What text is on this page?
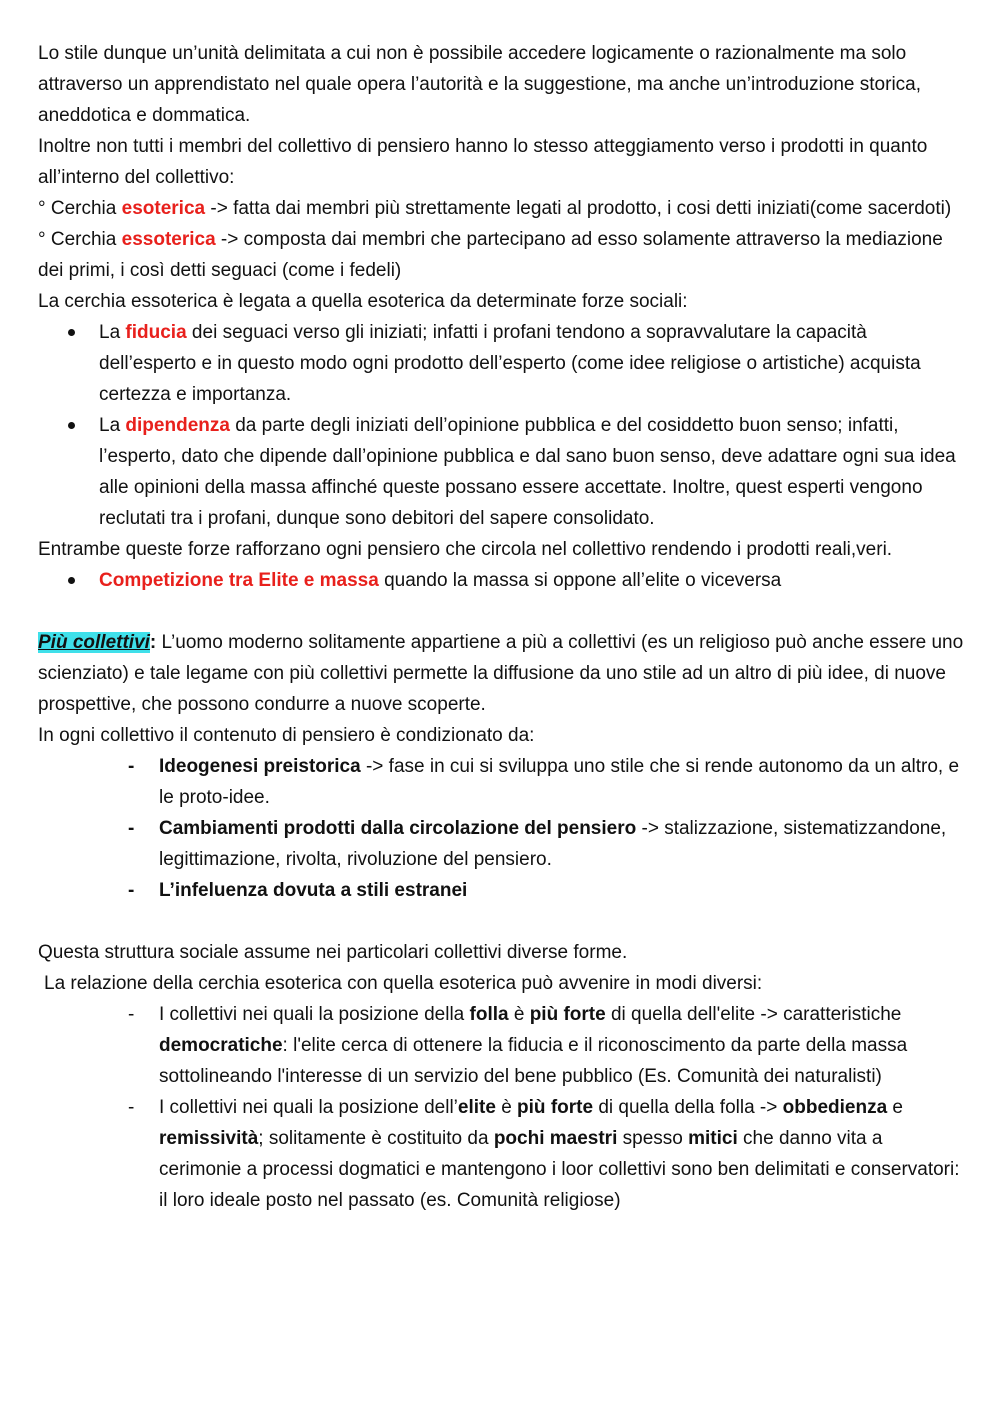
Lo stile dunque un’unità delimitata a cui non è possibile accedere logicamente o razionalmente ma solo attraverso un apprendistato nel quale opera l’autorità e la suggestione, ma anche un’introduzione storica, aneddotica e dommatica.

Inoltre non tutti i membri del collettivo di pensiero hanno lo stesso atteggiamento verso i prodotti in quanto all’interno del collettivo:

° Cerchia esoterica -> fatta dai membri più strettamente legati al prodotto, i cosi detti iniziati(come sacerdoti)

° Cerchia essoterica -> composta dai membri che partecipano ad esso solamente attraverso la mediazione dei primi, i così detti seguaci (come i fedeli)

La cerchia essoterica è legata a quella esoterica da determinate forze sociali:

La fiducia dei seguaci verso gli iniziati; infatti i profani tendono a sopravvalutare la capacità dell’esperto e in questo modo ogni prodotto dell’esperto (come idee religiose o artistiche) acquista certezza e importanza.
La dipendenza da parte degli iniziati dell’opinione pubblica e del cosiddetto buon senso; infatti, l’esperto, dato che dipende dall’opinione pubblica e dal sano buon senso, deve adattare ogni sua idea alle opinioni della massa affinché queste possano essere accettate. Inoltre, quest esperti vengono reclutati tra i profani, dunque sono debitori del sapere consolidato.

Entrambe queste forze rafforzano ogni pensiero che circola nel collettivo rendendo i prodotti reali,veri.

Competizione tra Elite e massa quando la massa si oppone all’elite o viceversa

Più collettivi: L’uomo moderno solitamente appartiene a più a collettivi (es un religioso può anche essere uno scienziato) e tale legame con più collettivi permette la diffusione da uno stile ad un altro di più idee, di nuove prospettive, che possono condurre a nuove scoperte.

In ogni collettivo il contenuto di pensiero è condizionato da:

- Ideogenesi preistorica -> fase in cui si sviluppa uno stile che si rende autonomo da un altro, e le proto-idee.
- Cambiamenti prodotti dalla circolazione del pensiero -> stalizzazione, sistematizzandone, legittimazione, rivolta, rivoluzione del pensiero.
- L’infeluenza dovuta a stili estranei

Questa struttura sociale assume nei particolari collettivi diverse forme.

La relazione della cerchia esoterica con quella esoterica può avvenire in modi diversi:

- I collettivi nei quali la posizione della folla è più forte di quella dell'elite -> caratteristiche democratiche: l'elite cerca di ottenere la fiducia e il riconoscimento da parte della massa sottolineando l'interesse di un servizio del bene pubblico (Es. Comunità dei naturalisti)
- I collettivi nei quali la posizione dell’elite è più forte di quella della folla -> obbedienza e remissività; solitamente è costituito da pochi maestri spesso mitici che danno vita a cerimonie a processi dogmatici e mantengono i loor collettivi sono ben delimitati e conservatori: il loro ideale posto nel passato (es. Comunità religiose)
